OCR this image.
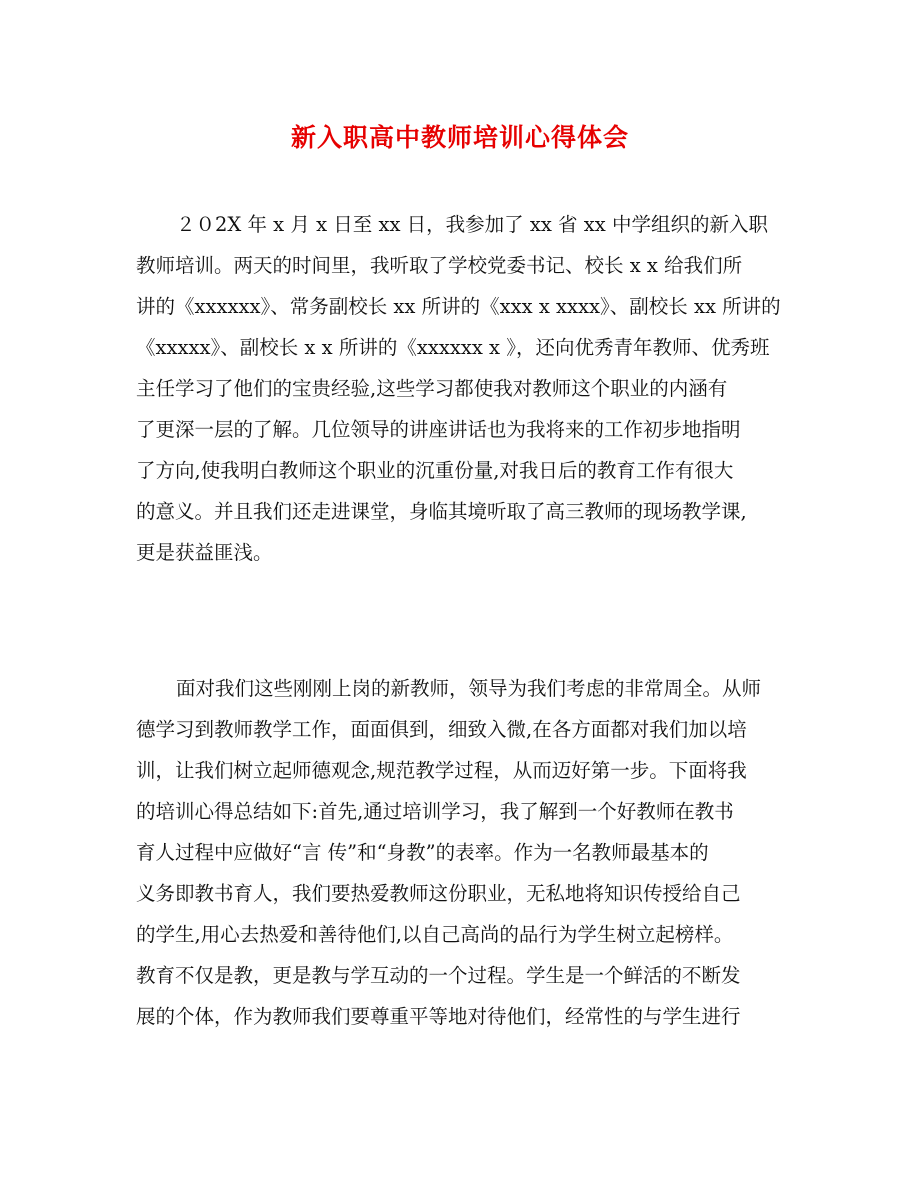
新入职高中教师培训心得体会
２０2X 年 x 月 x 日至 xx 日，我参加了 xx 省 xx 中学组织的新入职
教师培训。两天的时间里，我听取了学校党委书记、校长 x x 给我们所
讲的《xxxxxx》、常务副校长 xx 所讲的《xxx x xxxx》、副校长 xx 所讲的
《xxxxx》、副校长 x x 所讲的《xxxxxx x 》，还向优秀青年教师、优秀班
主任学习了他们的宝贵经验,这些学习都使我对教师这个职业的内涵有
了更深一层的了解。几位领导的讲座讲话也为我将来的工作初步地指明
了方向,使我明白教师这个职业的沉重份量,对我日后的教育工作有很大
的意义。并且我们还走进课堂，身临其境听取了高三教师的现场教学课,
更是获益匪浅。
面对我们这些刚刚上岗的新教师，领导为我们考虑的非常周全。从师
德学习到教师教学工作，面面俱到，细致入微,在各方面都对我们加以培
训，让我们树立起师德观念,规范教学过程，从而迈好第一步。下面将我
的培训心得总结如下:首先,通过培训学习，我了解到一个好教师在教书
育人过程中应做好“言 传”和“身教”的表率。作为一名教师最基本的
义务即教书育人，我们要热爱教师这份职业，无私地将知识传授给自己
的学生,用心去热爱和善待他们,以自己高尚的品行为学生树立起榜样。
教育不仅是教，更是教与学互动的一个过程。学生是一个鲜活的不断发
展的个体，作为教师我们要尊重平等地对待他们，经常性的与学生进行
